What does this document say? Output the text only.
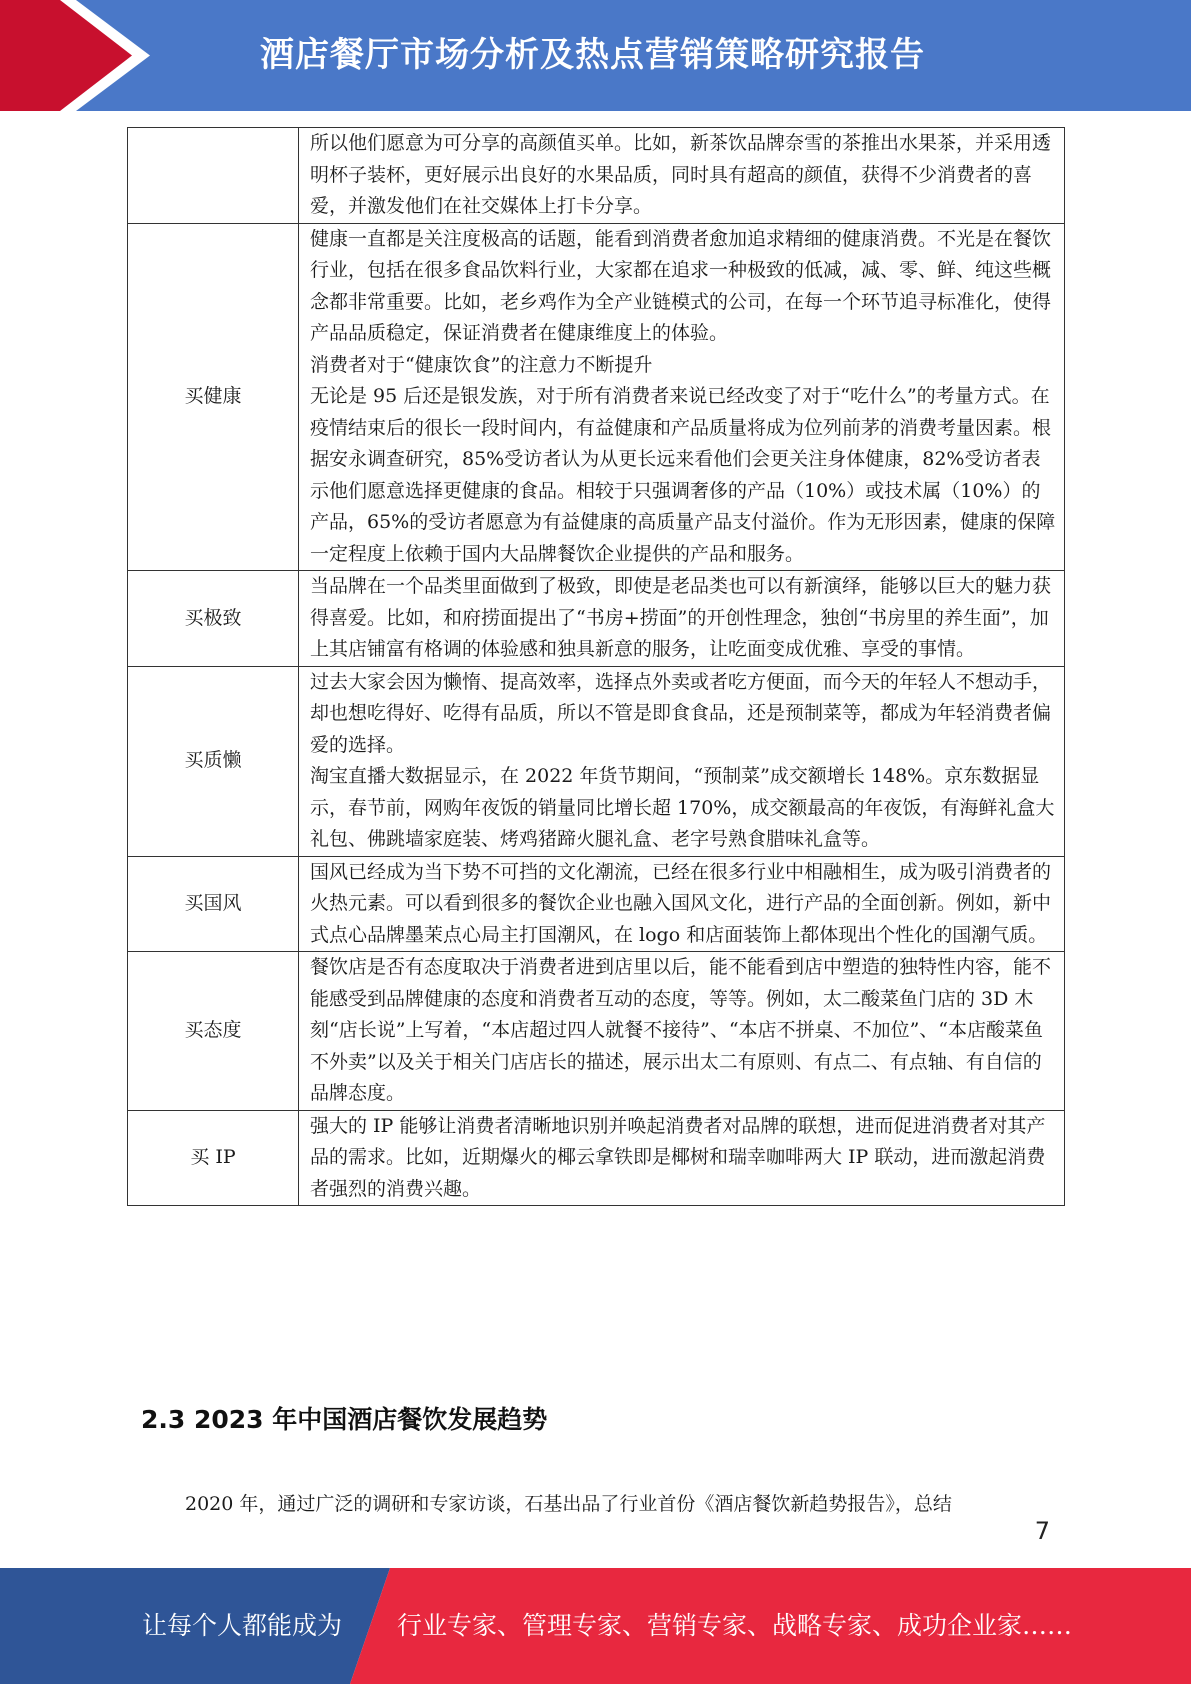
酒店餐厅市场分析及热点营销策略研究报告

	所以他们愿意为可分享的高颜值买单。比如，新茶饮品牌奈雪的茶推出水果茶，并采用透明杯子装杯，更好展示出良好的水果品质，同时具有超高的颜值，获得不少消费者的喜爱，并激发他们在社交媒体上打卡分享。

买健康	健康一直都是关注度极高的话题，能看到消费者愈加追求精细的健康消费。不光是在餐饮行业，包括在很多食品饮料行业，大家都在追求一种极致的低减，减、零、鲜、纯这些概念都非常重要。比如，老乡鸡作为全产业链模式的公司，在每一个环节追寻标准化，使得产品品质稳定，保证消费者在健康维度上的体验。
消费者对于“健康饮食”的注意力不断提升
无论是 95 后还是银发族，对于所有消费者来说已经改变了对于“吃什么”的考量方式。在疫情结束后的很长一段时间内，有益健康和产品质量将成为位列前茅的消费考量因素。根据安永调查研究，85%受访者认为从更长远来看他们会更关注身体健康，82%受访者表示他们愿意选择更健康的食品。相较于只强调奢侈的产品（10%）或技术属（10%）的产品，65%的受访者愿意为有益健康的高质量产品支付溢价。作为无形因素，健康的保障一定程度上依赖于国内大品牌餐饮企业提供的产品和服务。

买极致	当品牌在一个品类里面做到了极致，即使是老品类也可以有新演绎，能够以巨大的魅力获得喜爱。比如，和府捞面提出了“书房+捞面”的开创性理念，独创“书房里的养生面”，加上其店铺富有格调的体验感和独具新意的服务，让吃面变成优雅、享受的事情。

买质懒	过去大家会因为懒惰、提高效率，选择点外卖或者吃方便面，而今天的年轻人不想动手，却也想吃得好、吃得有品质，所以不管是即食食品，还是预制菜等，都成为年轻消费者偏爱的选择。
淘宝直播大数据显示，在 2022 年货节期间，“预制菜”成交额增长 148%。京东数据显示，春节前，网购年夜饭的销量同比增长超 170%，成交额最高的年夜饭，有海鲜礼盒大礼包、佛跳墙家庭装、烤鸡猪蹄火腿礼盒、老字号熟食腊味礼盒等。

买国风	国风已经成为当下势不可挡的文化潮流，已经在很多行业中相融相生，成为吸引消费者的火热元素。可以看到很多的餐饮企业也融入国风文化，进行产品的全面创新。例如，新中式点心品牌墨茉点心局主打国潮风，在 logo 和店面装饰上都体现出个性化的国潮气质。

买态度	餐饮店是否有态度取决于消费者进到店里以后，能不能看到店中塑造的独特性内容，能不能感受到品牌健康的态度和消费者互动的态度，等等。例如，太二酸菜鱼门店的 3D 木刻“店长说”上写着，“本店超过四人就餐不接待”、“本店不拼桌、不加位”、“本店酸菜鱼不外卖”以及关于相关门店店长的描述，展示出太二有原则、有点二、有点轴、有自信的品牌态度。

买 IP	强大的 IP 能够让消费者清晰地识别并唤起消费者对品牌的联想，进而促进消费者对其产品的需求。比如，近期爆火的椰云拿铁即是椰树和瑞幸咖啡两大 IP 联动，进而激起消费者强烈的消费兴趣。
2.3 2023 年中国酒店餐饮发展趋势
2020 年，通过广泛的调研和专家访谈，石基出品了行业首份《酒店餐饮新趋势报告》，总结
7
让每个人都能成为 行业专家、管理专家、营销专家、战略专家、成功企业家……
